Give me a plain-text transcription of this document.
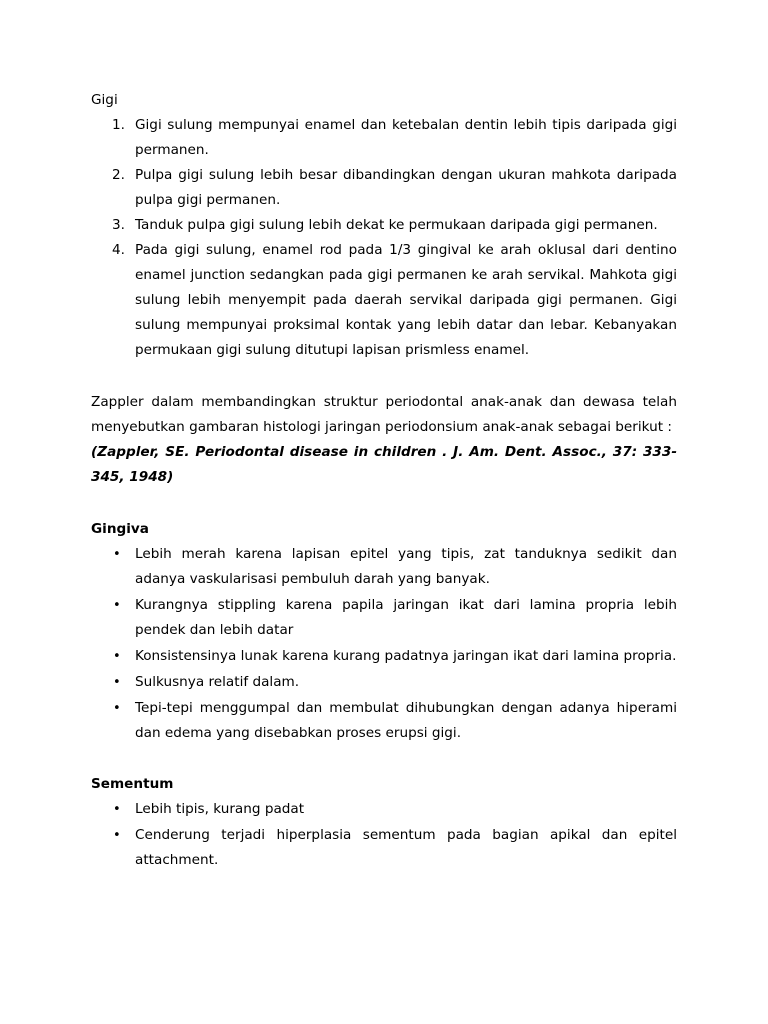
Gigi

1. Gigi sulung mempunyai enamel dan ketebalan dentin lebih tipis daripada gigi permanen.
2. Pulpa gigi sulung lebih besar dibandingkan dengan ukuran mahkota daripada pulpa gigi permanen.
3. Tanduk pulpa gigi sulung lebih dekat ke permukaan daripada gigi permanen.
4. Pada gigi sulung, enamel rod pada 1/3 gingival ke arah oklusal dari dentino enamel junction sedangkan pada gigi permanen ke arah servikal. Mahkota gigi sulung lebih menyempit pada daerah servikal daripada gigi permanen. Gigi sulung mempunyai proksimal kontak yang lebih datar dan lebar. Kebanyakan permukaan gigi sulung ditutupi lapisan prismless enamel.

Zappler dalam membandingkan struktur periodontal anak-anak dan dewasa telah menyebutkan gambaran histologi jaringan periodonsium anak-anak sebagai berikut :

(Zappler, SE. Periodontal disease in children . J. Am. Dent. Assoc., 37: 333-345, 1948)

Gingiva

• Lebih merah karena lapisan epitel yang tipis, zat tanduknya sedikit dan adanya vaskularisasi pembuluh darah yang banyak.
• Kurangnya stippling karena papila jaringan ikat dari lamina propria lebih pendek dan lebih datar
• Konsistensinya lunak karena kurang padatnya jaringan ikat dari lamina propria.
• Sulkusnya relatif dalam.
• Tepi-tepi menggumpal dan membulat dihubungkan dengan adanya hiperami dan edema yang disebabkan proses erupsi gigi.

Sementum

• Lebih tipis, kurang padat
• Cenderung terjadi hiperplasia sementum pada bagian apikal dan epitel attachment.
